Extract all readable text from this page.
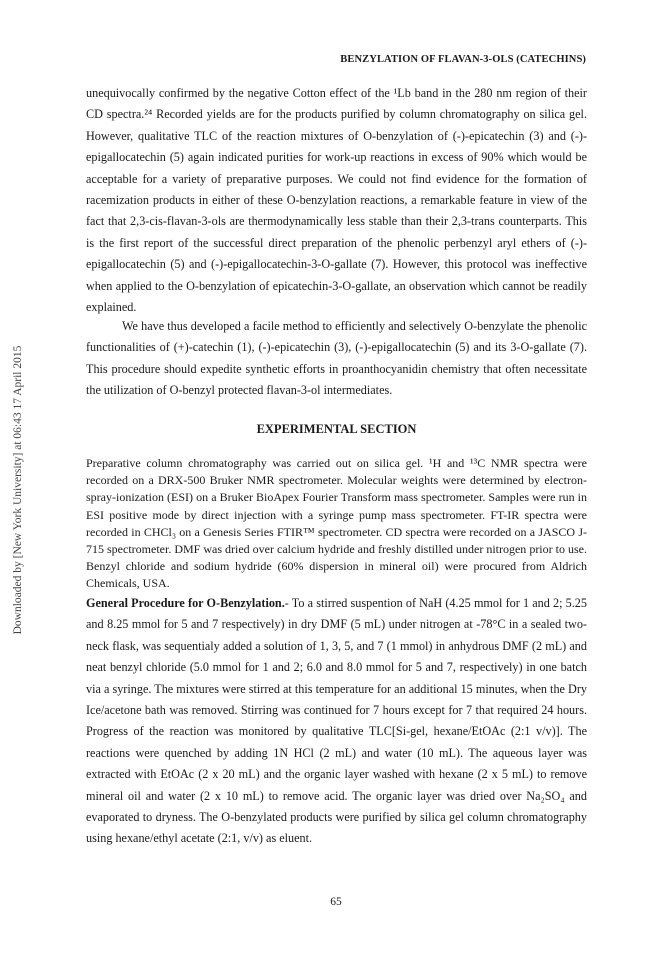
BENZYLATION OF FLAVAN-3-OLS (CATECHINS)
Downloaded by [New York University] at 06:43 17 April 2015

unequivocally confirmed by the negative Cotton effect of the ¹Lb band in the 280 nm region of their CD spectra.²⁴ Recorded yields are for the products purified by column chromatography on silica gel. However, qualitative TLC of the reaction mixtures of O-benzylation of (-)-epicatechin (3) and (-)-epigallocatechin (5) again indicated purities for work-up reactions in excess of 90% which would be acceptable for a variety of preparative purposes. We could not find evidence for the formation of racemization products in either of these O-benzylation reactions, a remarkable feature in view of the fact that 2,3-cis-flavan-3-ols are thermodynamically less stable than their 2,3-trans counterparts. This is the first report of the successful direct preparation of the phenolic perbenzyl aryl ethers of (-)-epigallocatechin (5) and (-)-epigallocatechin-3-O-gallate (7). However, this protocol was ineffective when applied to the O-benzylation of epicatechin-3-O-gallate, an observation which cannot be readily explained.

We have thus developed a facile method to efficiently and selectively O-benzylate the phenolic functionalities of (+)-catechin (1), (-)-epicatechin (3), (-)-epigallocatechin (5) and its 3-O-gallate (7). This procedure should expedite synthetic efforts in proanthocyanidin chemistry that often necessitate the utilization of O-benzyl protected flavan-3-ol intermediates.

EXPERIMENTAL SECTION

Preparative column chromatography was carried out on silica gel. ¹H and ¹³C NMR spectra were recorded on a DRX-500 Bruker NMR spectrometer. Molecular weights were determined by electron-spray-ionization (ESI) on a Bruker BioApex Fourier Transform mass spectrometer. Samples were run in ESI positive mode by direct injection with a syringe pump mass spectrometer. FT-IR spectra were recorded in CHCl₃ on a Genesis Series FTIR™ spectrometer. CD spectra were recorded on a JASCO J-715 spectrometer. DMF was dried over calcium hydride and freshly distilled under nitrogen prior to use. Benzyl chloride and sodium hydride (60% dispersion in mineral oil) were procured from Aldrich Chemicals, USA.

General Procedure for O-Benzylation.- To a stirred suspention of NaH (4.25 mmol for 1 and 2; 5.25 and 8.25 mmol for 5 and 7 respectively) in dry DMF (5 mL) under nitrogen at -78°C in a sealed two-neck flask, was sequentialy added a solution of 1, 3, 5, and 7 (1 mmol) in anhydrous DMF (2 mL) and neat benzyl chloride (5.0 mmol for 1 and 2; 6.0 and 8.0 mmol for 5 and 7, respectively) in one batch via a syringe. The mixtures were stirred at this temperature for an additional 15 minutes, when the Dry Ice/acetone bath was removed. Stirring was continued for 7 hours except for 7 that required 24 hours. Progress of the reaction was monitored by qualitative TLC[Si-gel, hexane/EtOAc (2:1 v/v)]. The reactions were quenched by adding 1N HCl (2 mL) and water (10 mL). The aqueous layer was extracted with EtOAc (2 x 20 mL) and the organic layer washed with hexane (2 x 5 mL) to remove mineral oil and water (2 x 10 mL) to remove acid. The organic layer was dried over Na₂SO₄ and evaporated to dryness. The O-benzylated products were purified by silica gel column chromatography using hexane/ethyl acetate (2:1, v/v) as eluent.

65
